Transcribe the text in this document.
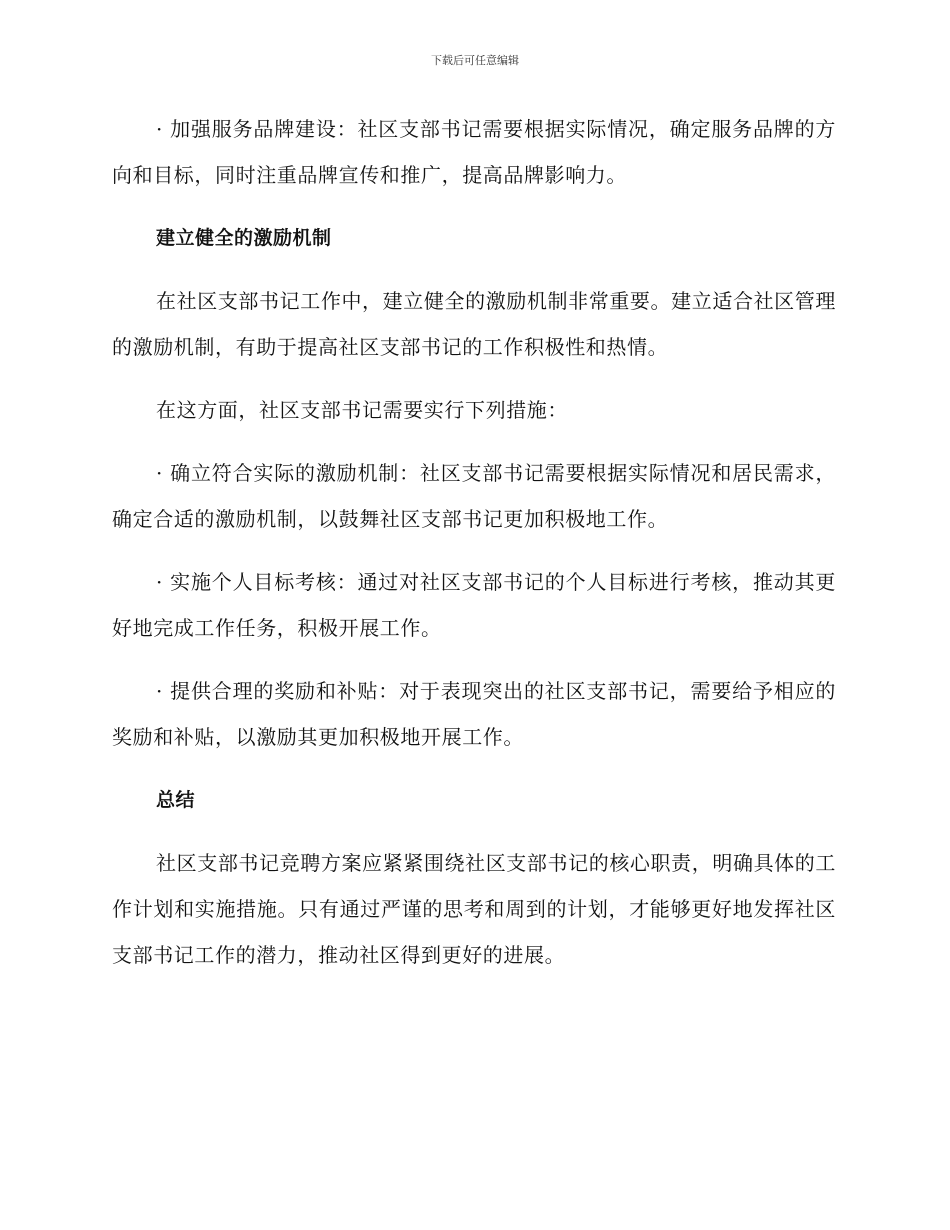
下载后可任意编辑

· 加强服务品牌建设：社区支部书记需要根据实际情况，确定服务品牌的方向和目标，同时注重品牌宣传和推广，提高品牌影响力。

建立健全的激励机制

在社区支部书记工作中，建立健全的激励机制非常重要。建立适合社区管理的激励机制，有助于提高社区支部书记的工作积极性和热情。

在这方面，社区支部书记需要实行下列措施：

· 确立符合实际的激励机制：社区支部书记需要根据实际情况和居民需求，确定合适的激励机制，以鼓舞社区支部书记更加积极地工作。

· 实施个人目标考核：通过对社区支部书记的个人目标进行考核，推动其更好地完成工作任务，积极开展工作。

· 提供合理的奖励和补贴：对于表现突出的社区支部书记，需要给予相应的奖励和补贴，以激励其更加积极地开展工作。

总结

社区支部书记竞聘方案应紧紧围绕社区支部书记的核心职责，明确具体的工作计划和实施措施。只有通过严谨的思考和周到的计划，才能够更好地发挥社区支部书记工作的潜力，推动社区得到更好的进展。
